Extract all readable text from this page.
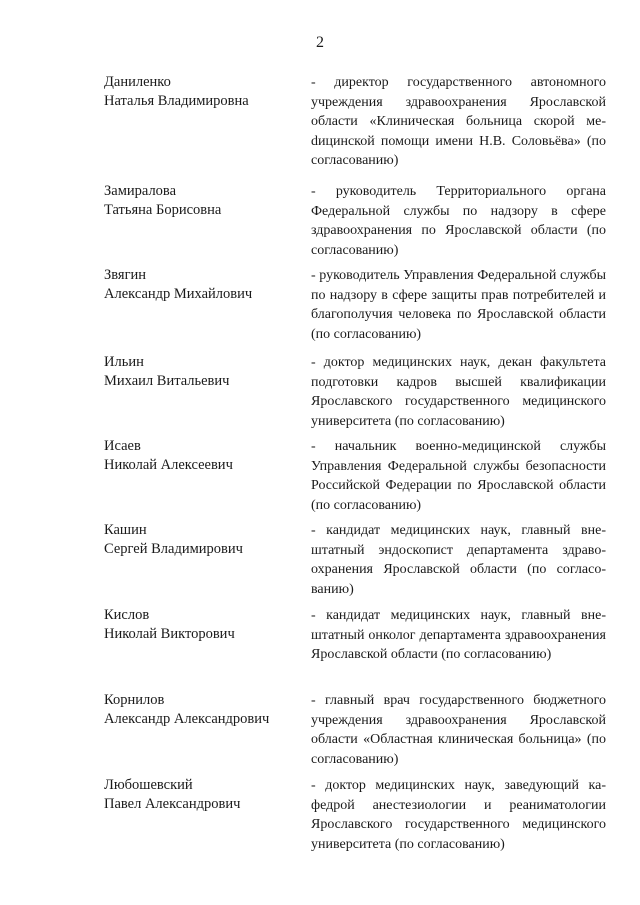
2
Даниленко
Наталья Владимировна
- директор государственного автономного учреждения здравоохранения Ярославской области «Клиническая больница скорой меdицинской помощи имени Н.В. Соловьёва» (по согласованию)
Замиралова
Татьяна Борисовна
- руководитель Территориального органа Федеральной службы по надзору в сфере здравоохранения по Ярославской области (по согласованию)
Звягин
Александр Михайлович
- руководитель Управления Федеральной службы по надзору в сфере защиты прав потребителей и благополучия человека по Ярославской области (по согласованию)
Ильин
Михаил Витальевич
- доктор медицинских наук, декан факультета подготовки кадров высшей квалификации Ярославского государственного медицинского университета (по согласованию)
Исаев
Николай Алексеевич
- начальник военно-медицинской службы Управления Федеральной службы безопасности Российской Федерации по Ярославской области (по согласованию)
Кашин
Сергей Владимирович
- кандидат медицинских наук, главный внештатный эндоскопист департамента здравоохранения Ярославской области (по согласованию)
Кислов
Николай Викторович
- кандидат медицинских наук, главный внештатный онколог департамента здравоохранения Ярославской области (по согласованию)
Корнилов
Александр Александрович
- главный врач государственного бюджетного учреждения здравоохранения Ярославской области «Областная клиническая больница» (по согласованию)
Любошевский
Павел Александрович
- доктор медицинских наук, заведующий кафедрой анестезиологии и реаниматологии Ярославского государственного медицинского университета (по согласованию)
